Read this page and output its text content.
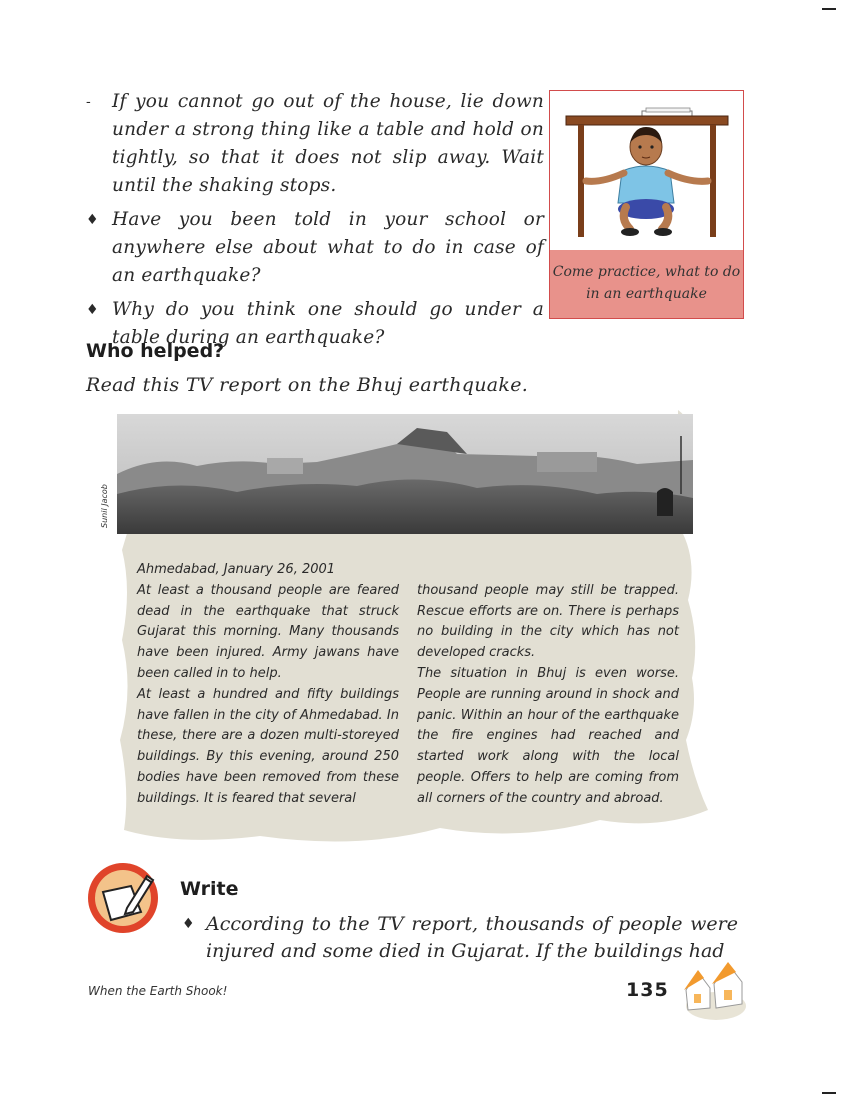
- If you cannot go out of the house, lie down under a strong thing like a table and hold on tightly, so that it does not slip away. Wait until the shaking stops.
♦ Have you been told in your school or anywhere else about what to do in case of an earthquake?
♦ Why do you think one should go under a table during an earthquake?
Come practice, what to do in an earthquake
Who helped?
Read this TV report on the Bhuj earthquake.
Sunil Jacob

Ahmedabad, January 26, 2001

At least a thousand people are feared dead in the earthquake that struck Gujarat this morning. Many thousands have been injured. Army jawans have been called in to help.

At least a hundred and fifty buildings have fallen in the city of Ahmedabad. In these, there are a dozen multi-storeyed buildings. By this evening, around 250 bodies have been removed from these buildings. It is feared that several

thousand people may still be trapped. Rescue efforts are on. There is perhaps no building in the city which has not developed cracks.

The situation in Bhuj is even worse. People are running around in shock and panic. Within an hour of the earthquake the fire engines had reached and started work along with the local people. Offers to help are coming from all corners of the country and abroad.

Write
♦ According to the TV report, thousands of people were injured and some died in Gujarat. If the buildings had
When the Earth Shook!	135
